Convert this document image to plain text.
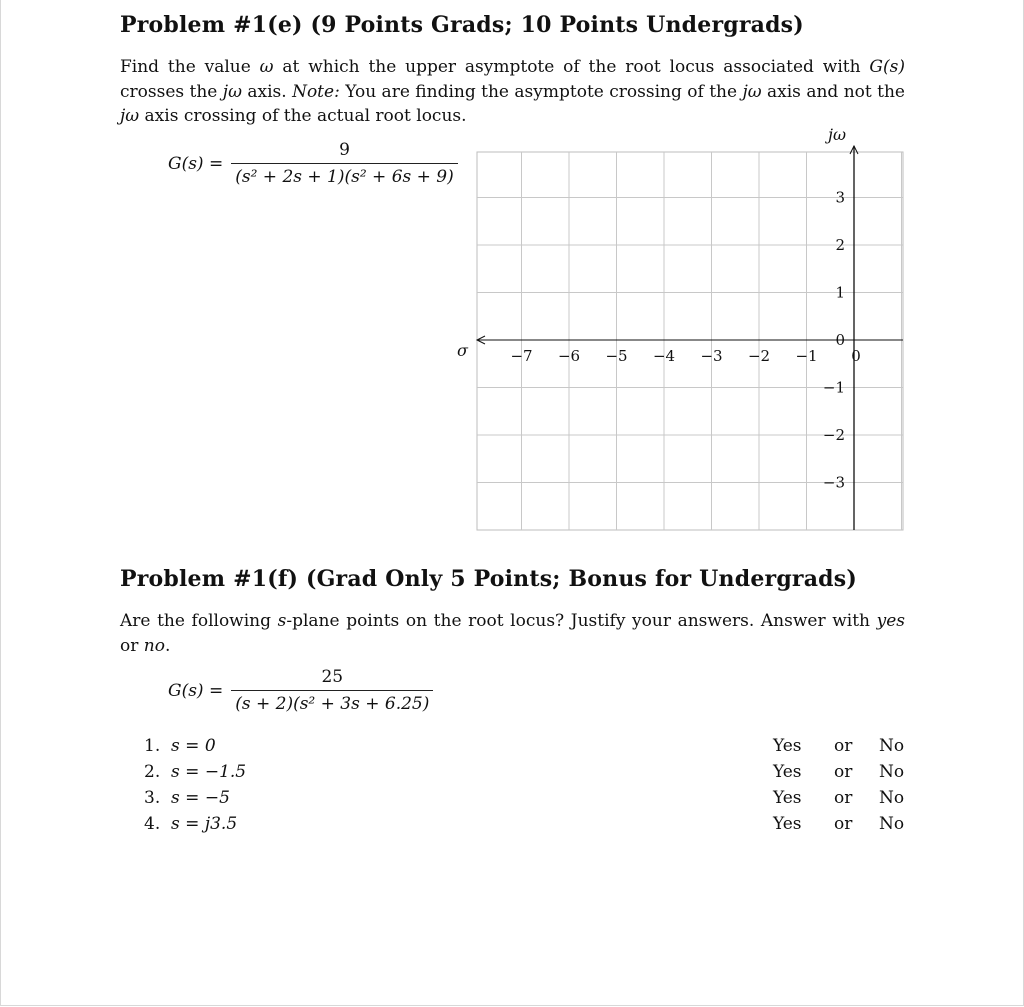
Problem #1(e) (9 Points Grads; 10 Points Undergrads)
Find the value ω at which the upper asymptote of the root locus associated with G(s) crosses the jω axis. Note: You are finding the asymptote crossing of the jω axis and not the jω axis crossing of the actual root locus.
$G(s) = \frac{9}{\text{(s² + 2s + 1)(s² + 6s + 9)}}$
σ
jω
−7 −6 −5 −4 −3 −2 −1 0
3
2
1
0
−1
−2
−3
Problem #1(f) (Grad Only 5 Points; Bonus for Undergrads)
Are the following s-plane points on the root locus? Justify your answers. Answer with yes or no.
$G(s) = \frac{25}{\text{(s + 2)(s² + 3s + 6.25)}}$
1. s = 0
2. s = −1.5
3. s = −5
4. s = j3.5
Yes or No
Yes or No
Yes or No
Yes or No
